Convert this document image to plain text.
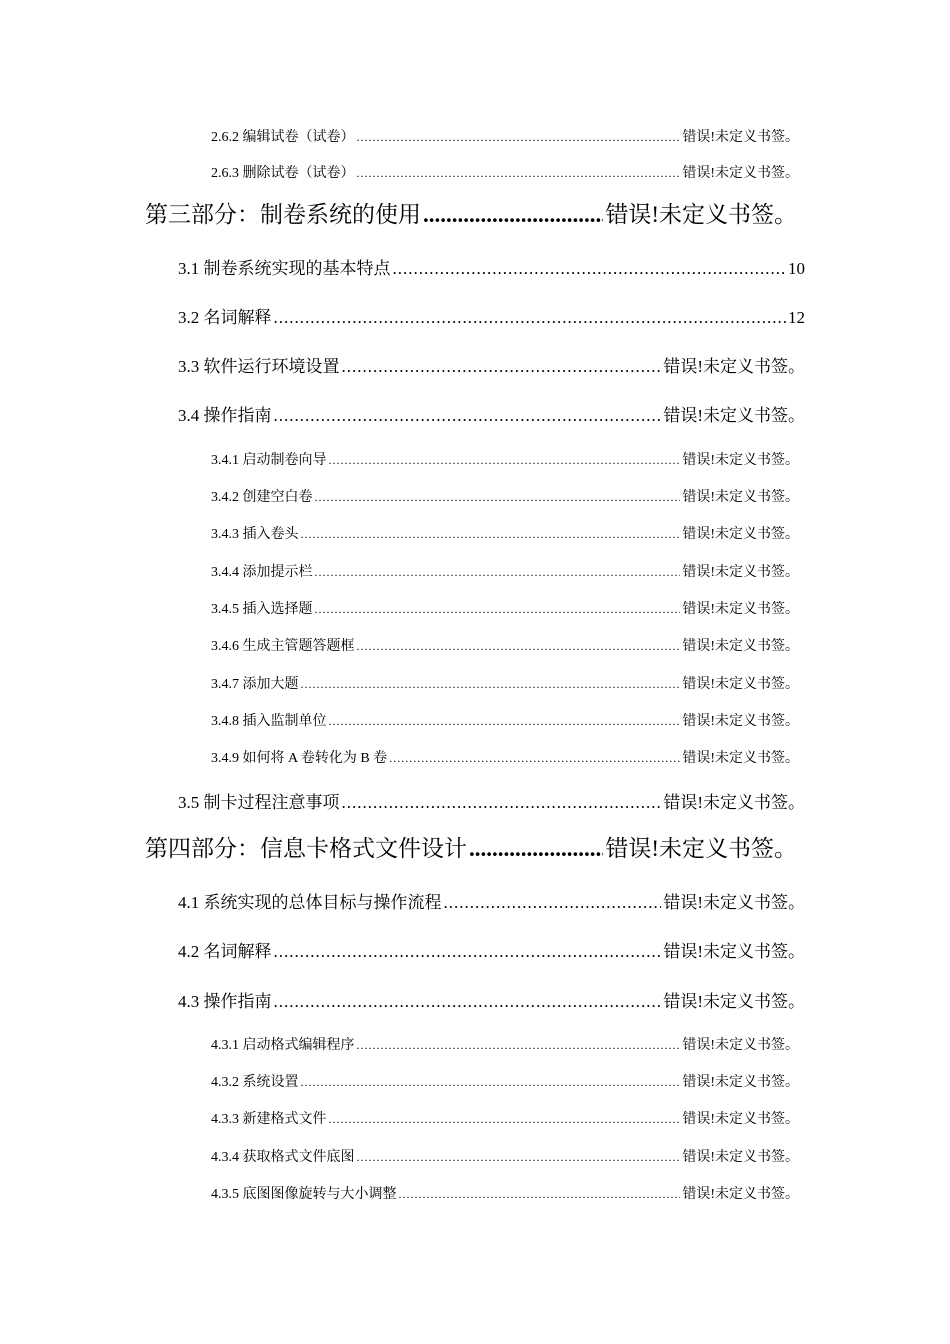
2.6.2 编辑试卷（试卷） .....	错误!未定义书签。
2.6.3 删除试卷（试卷） .....	错误!未定义书签。
第三部分：制卷系统的使用 .....	错误!未定义书签。
3.1 制卷系统实现的基本特点 .....	10
3.2 名词解释 .....	12
3.3 软件运行环境设置 .....	错误!未定义书签。
3.4 操作指南 .....	错误!未定义书签。
3.4.1 启动制卷向导 .....	错误!未定义书签。
3.4.2 创建空白卷 .....	错误!未定义书签。
3.4.3 插入卷头 .....	错误!未定义书签。
3.4.4 添加提示栏 .....	错误!未定义书签。
3.4.5 插入选择题 .....	错误!未定义书签。
3.4.6 生成主管题答题框 .....	错误!未定义书签。
3.4.7 添加大题 .....	错误!未定义书签。
3.4.8 插入监制单位 .....	错误!未定义书签。
3.4.9 如何将 A 卷转化为 B 卷 .....	错误!未定义书签。
3.5 制卡过程注意事项 .....	错误!未定义书签。
第四部分：信息卡格式文件设计 .....	错误!未定义书签。
4.1 系统实现的总体目标与操作流程 .....	错误!未定义书签。
4.2 名词解释 .....	错误!未定义书签。
4.3 操作指南 .....	错误!未定义书签。
4.3.1 启动格式编辑程序 .....	错误!未定义书签。
4.3.2 系统设置 .....	错误!未定义书签。
4.3.3 新建格式文件 .....	错误!未定义书签。
4.3.4 获取格式文件底图 .....	错误!未定义书签。
4.3.5 底图图像旋转与大小调整 .....	错误!未定义书签。
